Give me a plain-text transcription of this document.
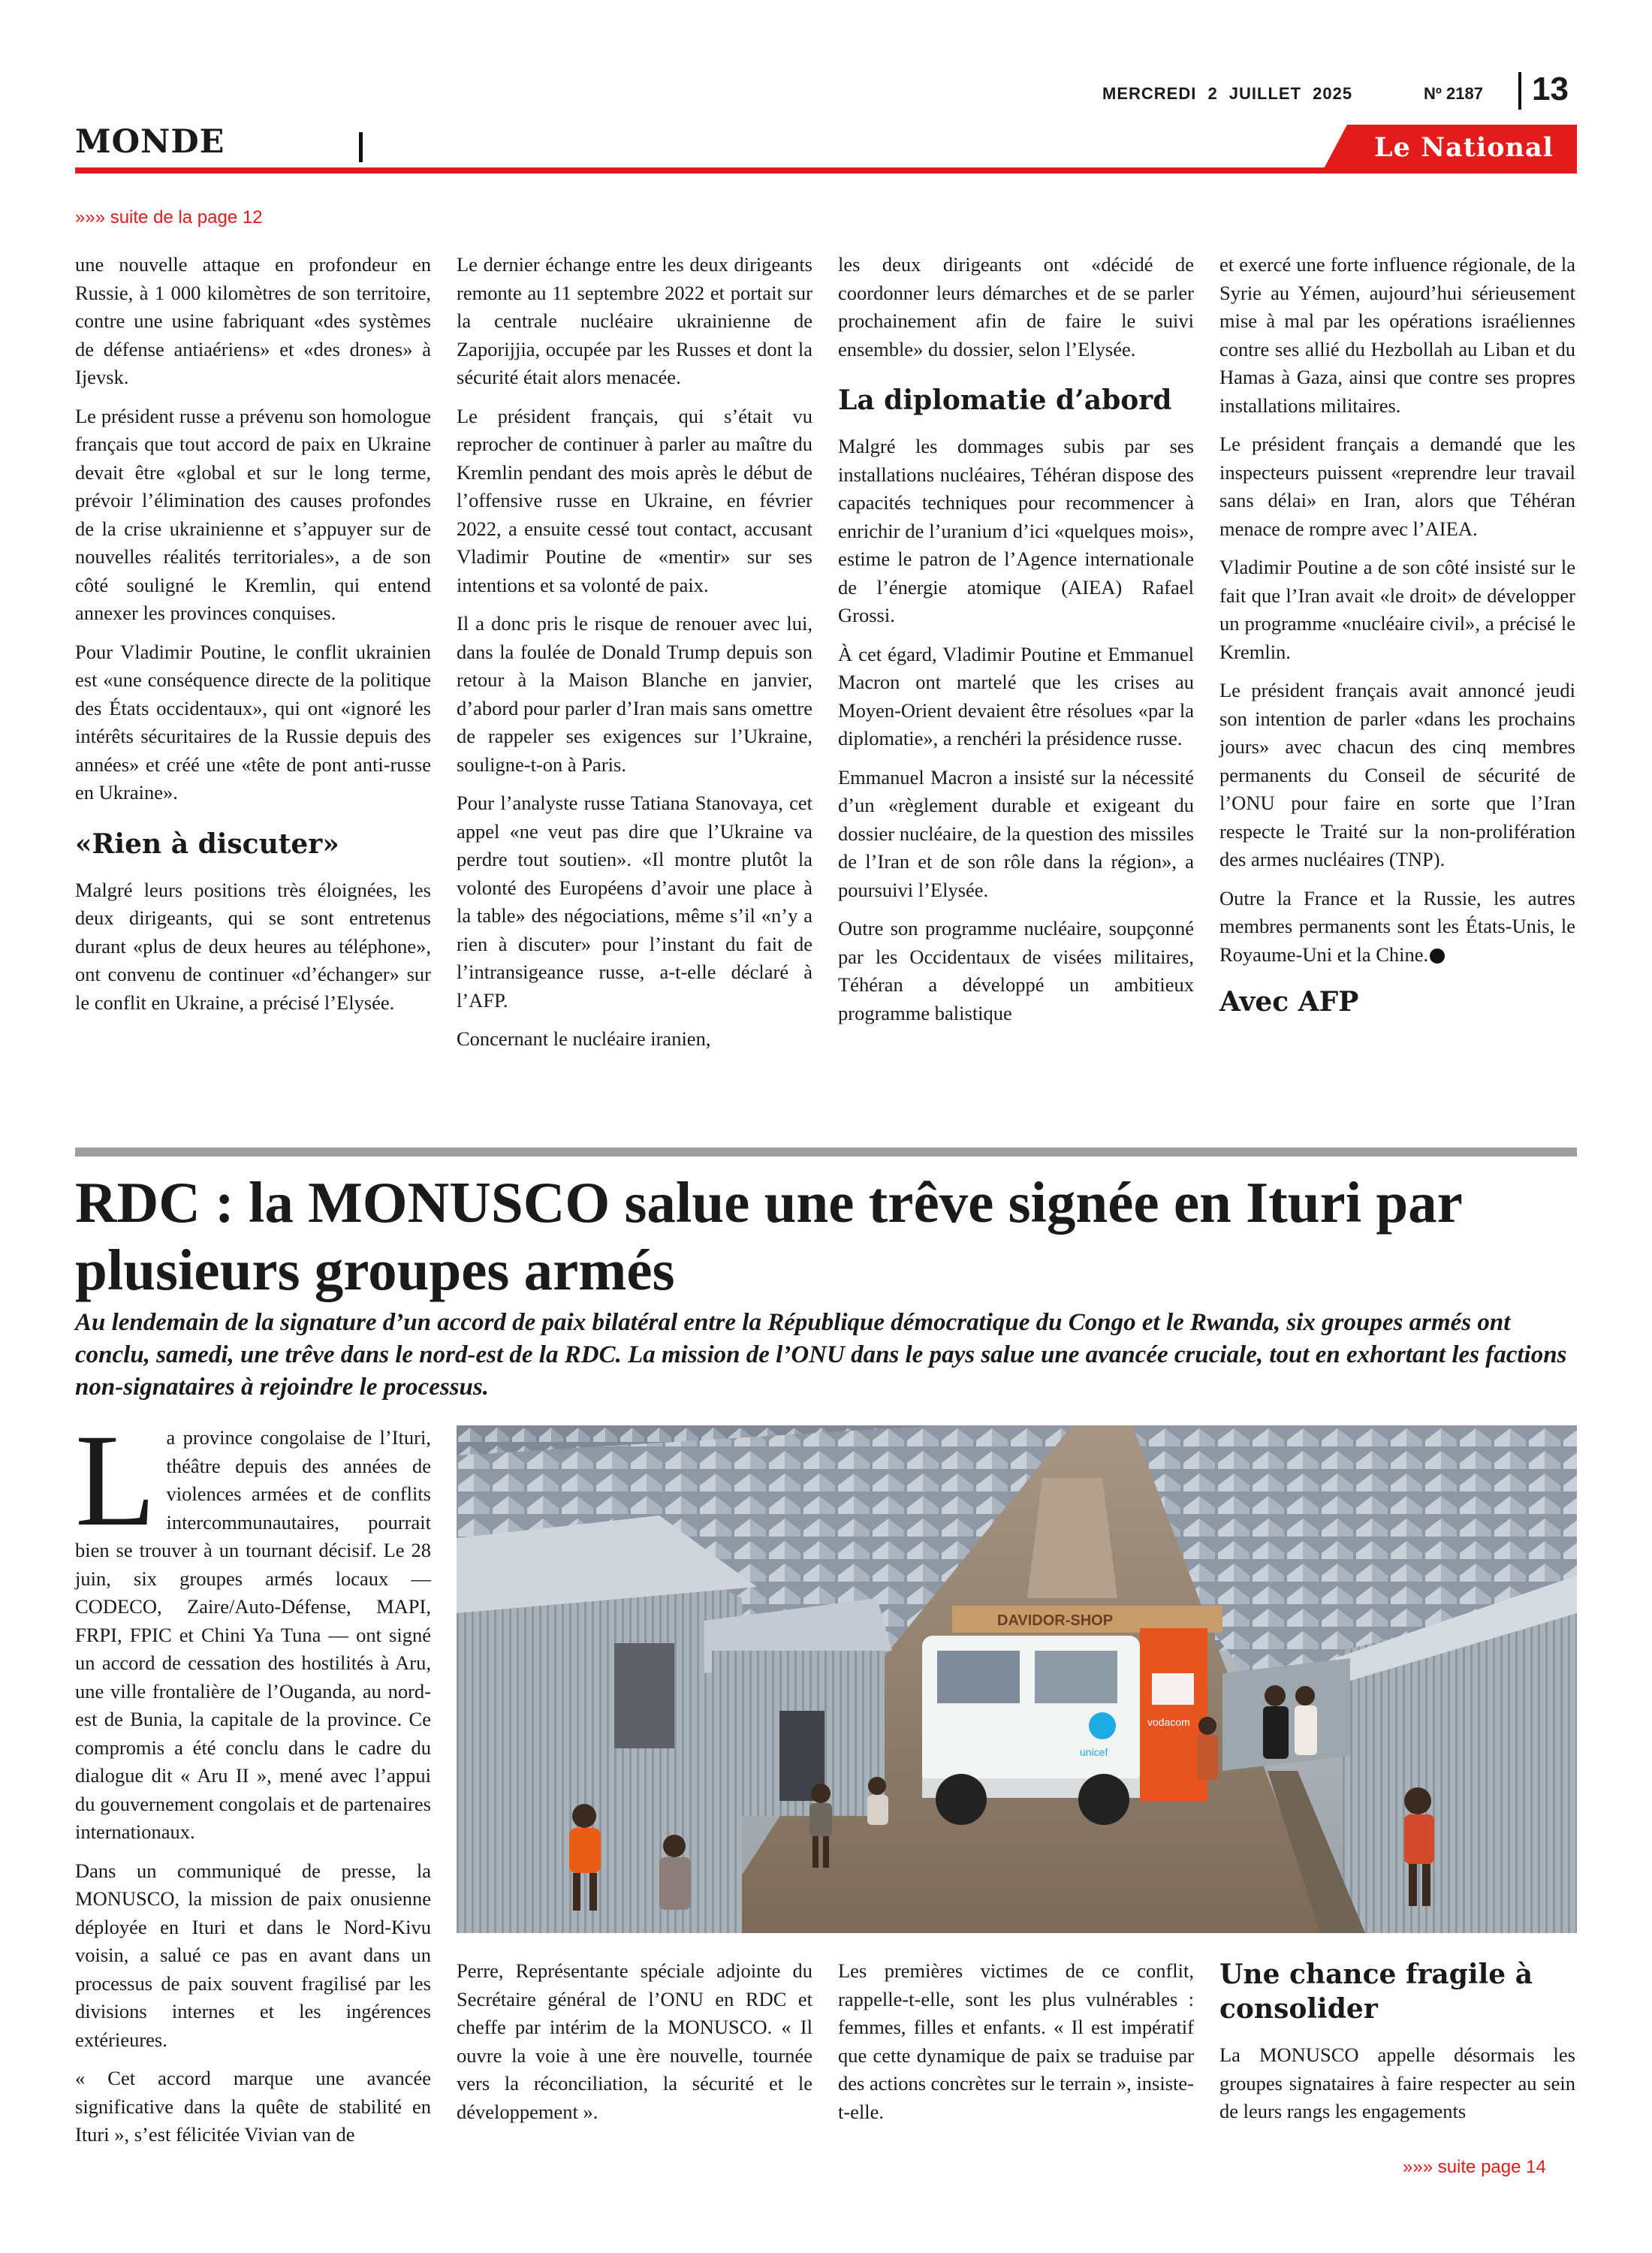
MERCREDI 2 JUILLET 2025	Nº 2187 13
MONDE	Le National
»»» suite de la page 12

une nouvelle attaque en profondeur en Russie, à 1 000 kilomètres de son territoire, contre une usine fabriquant «des systèmes de défense antiaériens» et «des drones» à Ijevsk.

Le président russe a prévenu son homologue français que tout accord de paix en Ukraine devait être «global et sur le long terme, prévoir l’élimination des causes profondes de la crise ukrainienne et s’appuyer sur de nouvelles réalités territoriales», a de son côté souligné le Kremlin, qui entend annexer les provinces conquises.

Pour Vladimir Poutine, le conflit ukrainien est «une conséquence directe de la politique des États occidentaux», qui ont «ignoré les intérêts sécuritaires de la Russie depuis des années» et créé une «tête de pont anti-russe en Ukraine».

«Rien à discuter»

Malgré leurs positions très éloignées, les deux dirigeants, qui se sont entretenus durant «plus de deux heures au téléphone», ont convenu de continuer «d’échanger» sur le conflit en Ukraine, a précisé l’Elysée.

Le dernier échange entre les deux dirigeants remonte au 11 septembre 2022 et portait sur la centrale nucléaire ukrainienne de Zaporijjia, occupée par les Russes et dont la sécurité était alors menacée.

Le président français, qui s’était vu reprocher de continuer à parler au maître du Kremlin pendant des mois après le début de l’offensive russe en Ukraine, en février 2022, a ensuite cessé tout contact, accusant Vladimir Poutine de «mentir» sur ses intentions et sa volonté de paix.

Il a donc pris le risque de renouer avec lui, dans la foulée de Donald Trump depuis son retour à la Maison Blanche en janvier, d’abord pour parler d’Iran mais sans omettre de rappeler ses exigences sur l’Ukraine, souligne-t-on à Paris.

Pour l’analyste russe Tatiana Stanovaya, cet appel «ne veut pas dire que l’Ukraine va perdre tout soutien». «Il montre plutôt la volonté des Européens d’avoir une place à la table» des négociations, même s’il «n’y a rien à discuter» pour l’instant du fait de l’intransigeance russe, a-t-elle déclaré à l’AFP.

Concernant le nucléaire iranien,

les deux dirigeants ont «décidé de coordonner leurs démarches et de se parler prochainement afin de faire le suivi ensemble» du dossier, selon l’Elysée.

La diplomatie d’abord

Malgré les dommages subis par ses installations nucléaires, Téhéran dispose des capacités techniques pour recommencer à enrichir de l’uranium d’ici «quelques mois», estime le patron de l’Agence internationale de l’énergie atomique (AIEA) Rafael Grossi.

À cet égard, Vladimir Poutine et Emmanuel Macron ont martelé que les crises au Moyen-Orient devaient être résolues «par la diplomatie», a renchéri la présidence russe.

Emmanuel Macron a insisté sur la nécessité d’un «règlement durable et exigeant du dossier nucléaire, de la question des missiles de l’Iran et de son rôle dans la région», a poursuivi l’Elysée.

Outre son programme nucléaire, soupçonné par les Occidentaux de visées militaires, Téhéran a développé un ambitieux programme balistique

et exercé une forte influence régionale, de la Syrie au Yémen, aujourd’hui sérieusement mise à mal par les opérations israéliennes contre ses allié du Hezbollah au Liban et du Hamas à Gaza, ainsi que contre ses propres installations militaires.

Le président français a demandé que les inspecteurs puissent «reprendre leur travail sans délai» en Iran, alors que Téhéran menace de rompre avec l’AIEA.

Vladimir Poutine a de son côté insisté sur le fait que l’Iran avait «le droit» de développer un programme «nucléaire civil», a précisé le Kremlin.

Le président français avait annoncé jeudi son intention de parler «dans les prochains jours» avec chacun des cinq membres permanents du Conseil de sécurité de l’ONU pour faire en sorte que l’Iran respecte le Traité sur la non-prolifération des armes nucléaires (TNP).

Outre la France et la Russie, les autres membres permanents sont les États-Unis, le Royaume-Uni et la Chine.

Avec AFP
RDC : la MONUSCO salue une trêve signée en Ituri par plusieurs groupes armés
Au lendemain de la signature d’un accord de paix bilatéral entre la République démocratique du Congo et le Rwanda, six groupes armés ont conclu, samedi, une trêve dans le nord-est de la RDC. La mission de l’ONU dans le pays salue une avancée cruciale, tout en exhortant les factions non-signataires à rejoindre le processus.

La province congolaise de l’Ituri, théâtre depuis des années de violences armées et de conflits intercommunautaires, pourrait bien se trouver à un tournant décisif. Le 28 juin, six groupes armés locaux — CODECO, Zaire/Auto-Défense, MAPI, FRPI, FPIC et Chini Ya Tuna — ont signé un accord de cessation des hostilités à Aru, une ville frontalière de l’Ouganda, au nord-est de Bunia, la capitale de la province. Ce compromis a été conclu dans le cadre du dialogue dit « Aru II », mené avec l’appui du gouvernement congolais et de partenaires internationaux.

Dans un communiqué de presse, la MONUSCO, la mission de paix onusienne déployée en Ituri et dans le Nord-Kivu voisin, a salué ce pas en avant dans un processus de paix souvent fragilisé par les divisions internes et les ingérences extérieures.

« Cet accord marque une avancée significative dans la quête de stabilité en Ituri », s’est félicitée Vivian van de

DAVIDOR-SHOP
vodacom
unicef

Perre, Représentante spéciale adjointe du Secrétaire général de l’ONU en RDC et cheffe par intérim de la MONUSCO. « Il ouvre la voie à une ère nouvelle, tournée vers la réconciliation, la sécurité et le développement ».

Les premières victimes de ce conflit, rappelle-t-elle, sont les plus vulnérables : femmes, filles et enfants. « Il est impératif que cette dynamique de paix se traduise par des actions concrètes sur le terrain », insiste-t-elle.

Une chance fragile à consolider

La MONUSCO appelle désormais les groupes signataires à faire respecter au sein de leurs rangs les engagements

»»» suite page 14
